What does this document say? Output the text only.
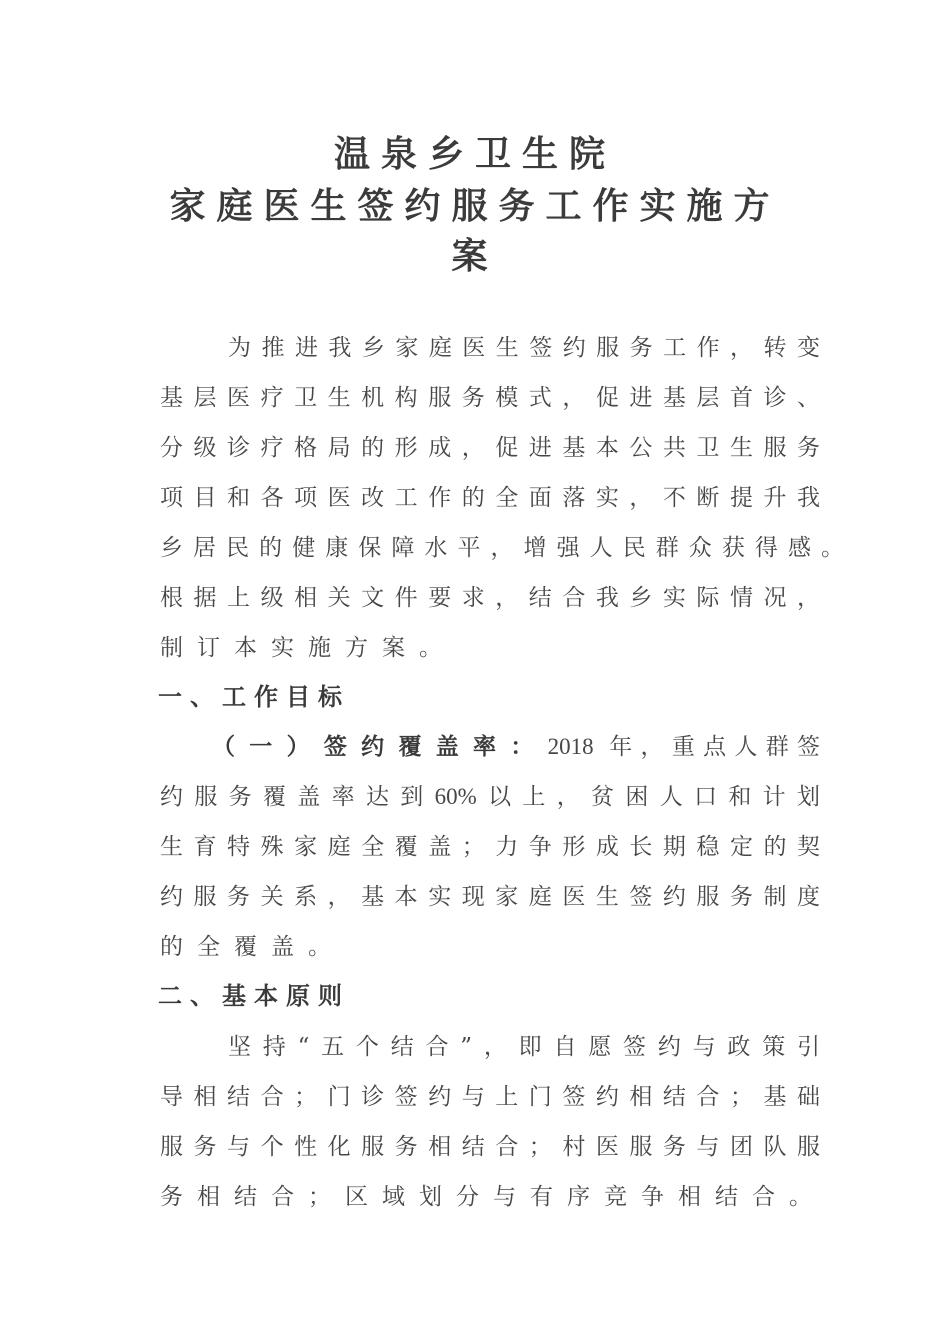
温泉乡卫生院
家庭医生签约服务工作实施方
案
为推进我乡家庭医生签约服务工作，转变
基层医疗卫生机构服务模式，促进基层首诊、
分级诊疗格局的形成，促进基本公共卫生服务
项目和各项医改工作的全面落实，不断提升我
乡居民的健康保障水平，增强人民群众获得感。
根据上级相关文件要求，结合我乡实际情况，
制订本实施方案。
一、工作目标
（一）签约覆盖率：2018 年，重点人群签
约服务覆盖率达到60%以上，贫困人口和计划
生育特殊家庭全覆盖；力争形成长期稳定的契
约服务关系，基本实现家庭医生签约服务制度
的全覆盖。
二、基本原则
坚持“五个结合”，即自愿签约与政策引
导相结合；门诊签约与上门签约相结合；基础
服务与个性化服务相结合；村医服务与团队服
务相结合；区域划分与有序竞争相结合。
